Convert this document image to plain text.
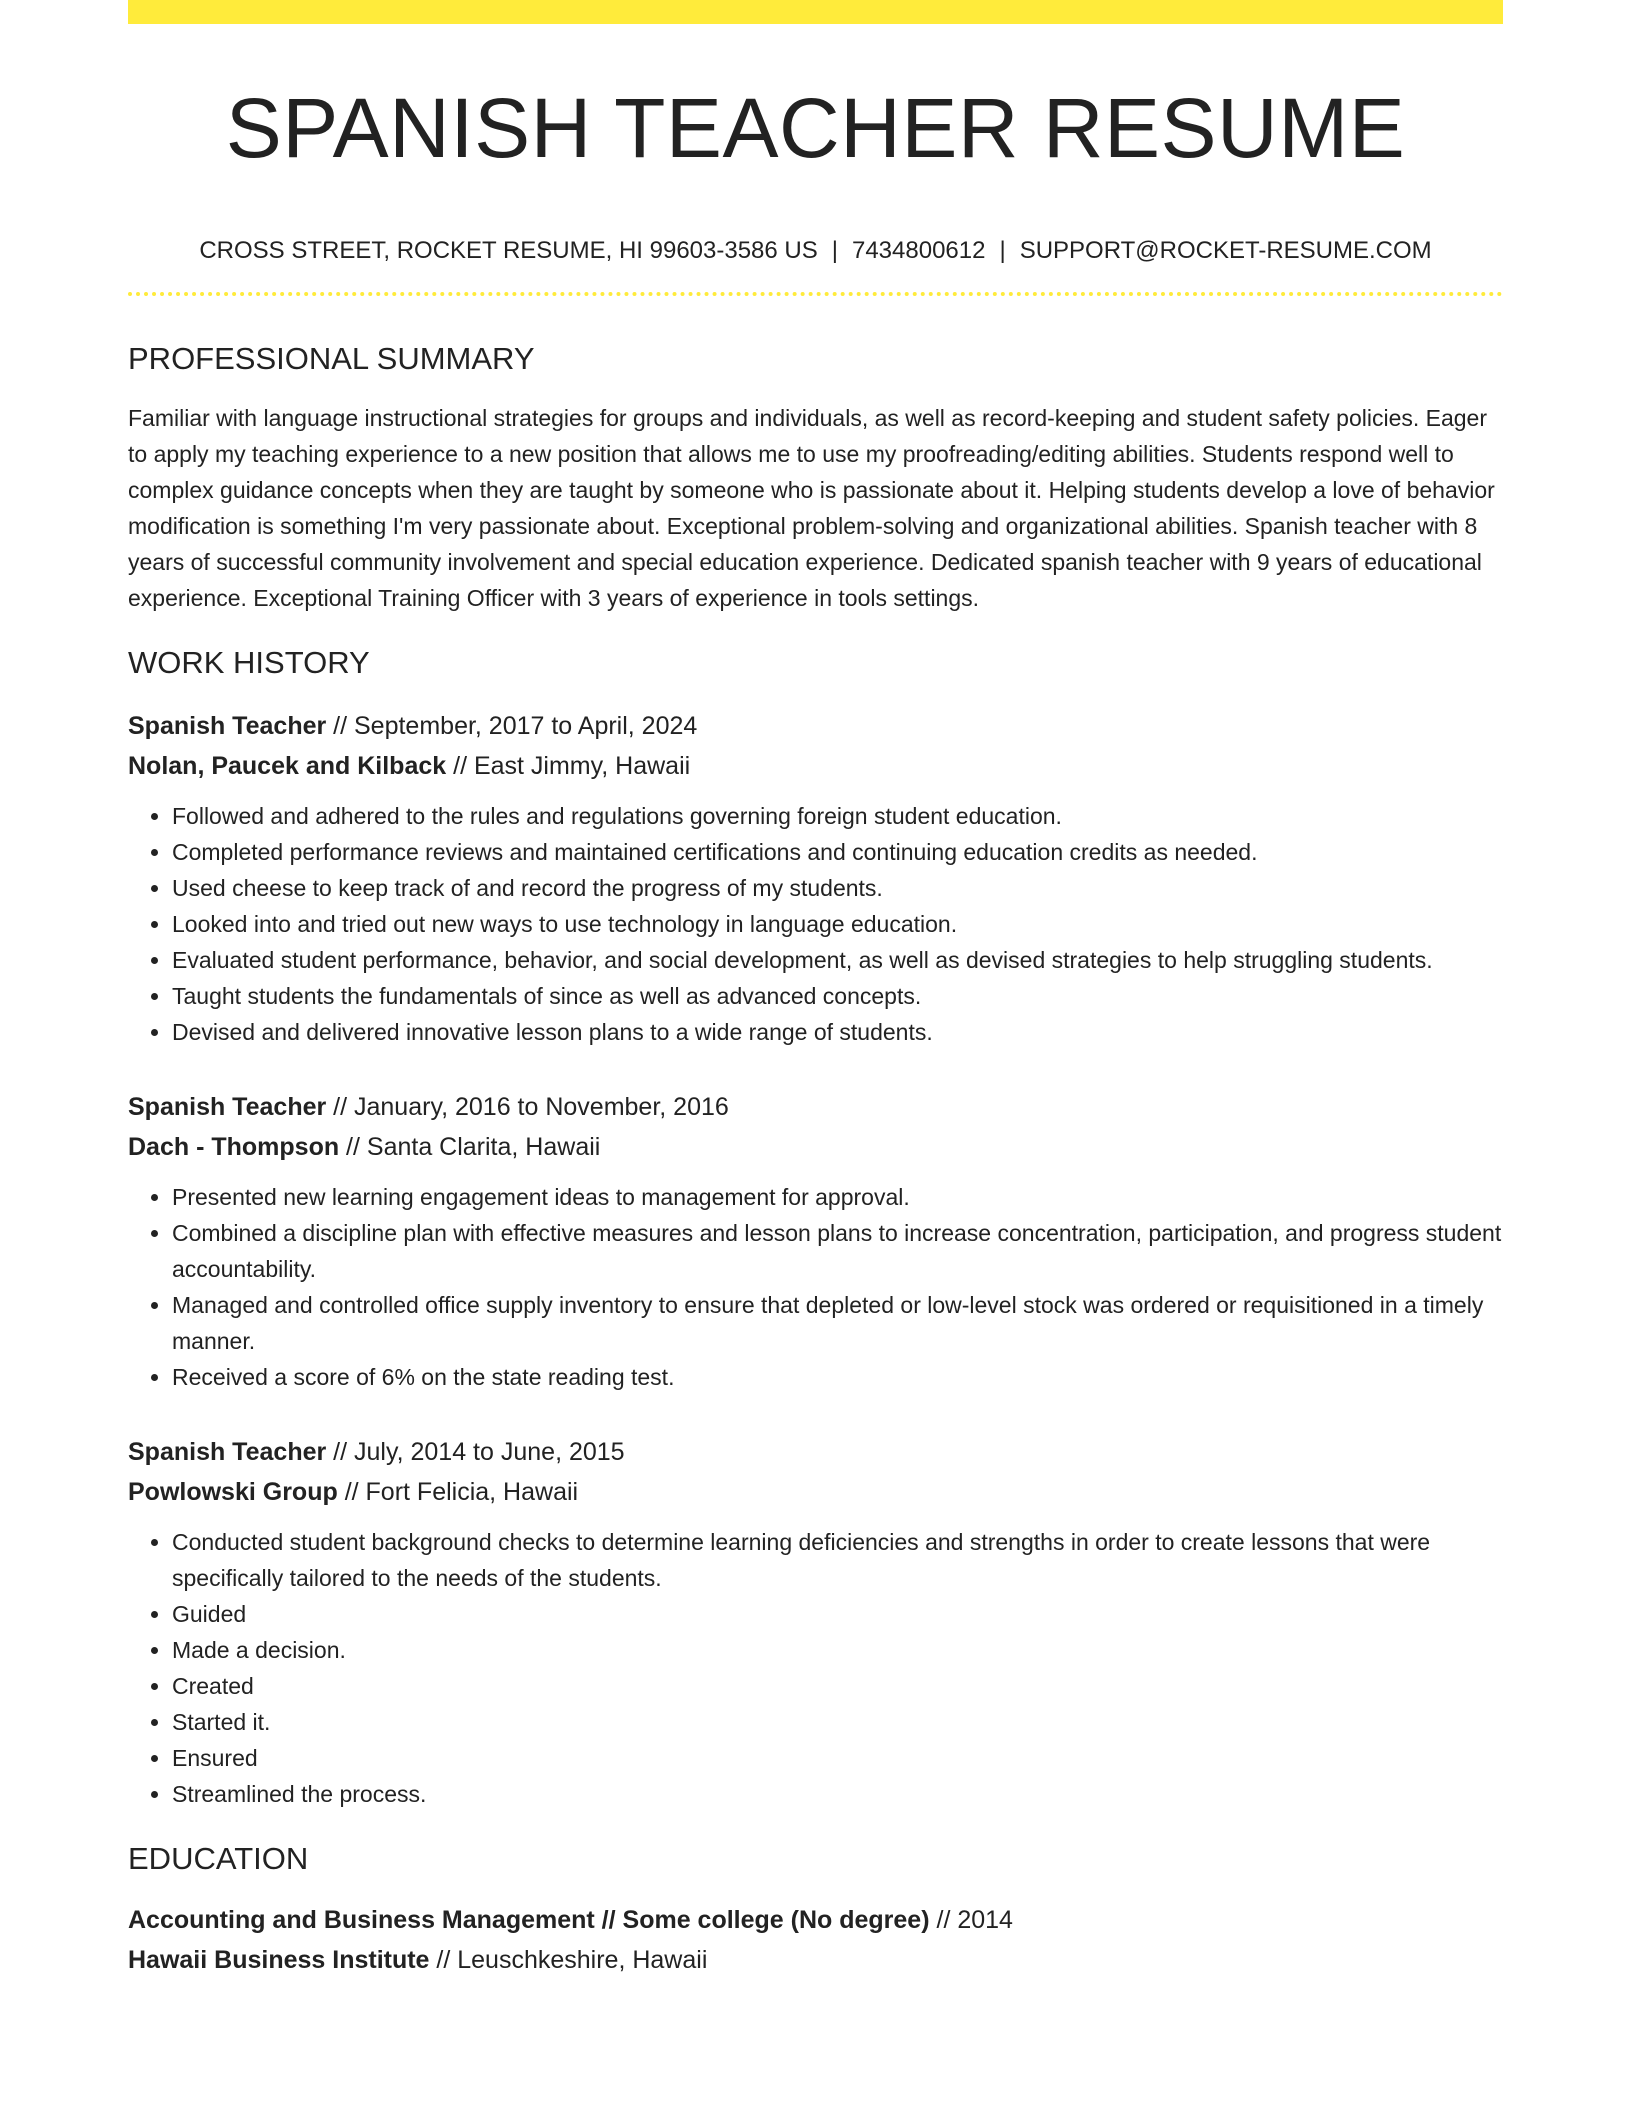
SPANISH TEACHER RESUME
CROSS STREET, ROCKET RESUME, HI 99603-3586 US | 7434800612 | SUPPORT@ROCKET-RESUME.COM
PROFESSIONAL SUMMARY

Familiar with language instructional strategies for groups and individuals, as well as record-keeping and student safety policies. Eager to apply my teaching experience to a new position that allows me to use my proofreading/editing abilities. Students respond well to complex guidance concepts when they are taught by someone who is passionate about it. Helping students develop a love of behavior modification is something I'm very passionate about. Exceptional problem-solving and organizational abilities. Spanish teacher with 8 years of successful community involvement and special education experience. Dedicated spanish teacher with 9 years of educational experience. Exceptional Training Officer with 3 years of experience in tools settings.

WORK HISTORY
Spanish Teacher // September, 2017 to April, 2024
Nolan, Paucek and Kilback // East Jimmy, Hawaii
• Followed and adhered to the rules and regulations governing foreign student education.
• Completed performance reviews and maintained certifications and continuing education credits as needed.
• Used cheese to keep track of and record the progress of my students.
• Looked into and tried out new ways to use technology in language education.
• Evaluated student performance, behavior, and social development, as well as devised strategies to help struggling students.
• Taught students the fundamentals of since as well as advanced concepts.
• Devised and delivered innovative lesson plans to a wide range of students.
Spanish Teacher // January, 2016 to November, 2016
Dach - Thompson // Santa Clarita, Hawaii
• Presented new learning engagement ideas to management for approval.
• Combined a discipline plan with effective measures and lesson plans to increase concentration, participation, and progress student accountability.
• Managed and controlled office supply inventory to ensure that depleted or low-level stock was ordered or requisitioned in a timely manner.
• Received a score of 6% on the state reading test.
Spanish Teacher // July, 2014 to June, 2015
Powlowski Group // Fort Felicia, Hawaii
• Conducted student background checks to determine learning deficiencies and strengths in order to create lessons that were specifically tailored to the needs of the students.
• Guided
• Made a decision.
• Created
• Started it.
• Ensured
• Streamlined the process.
EDUCATION
Accounting and Business Management // Some college (No degree) // 2014
Hawaii Business Institute // Leuschkeshire, Hawaii
